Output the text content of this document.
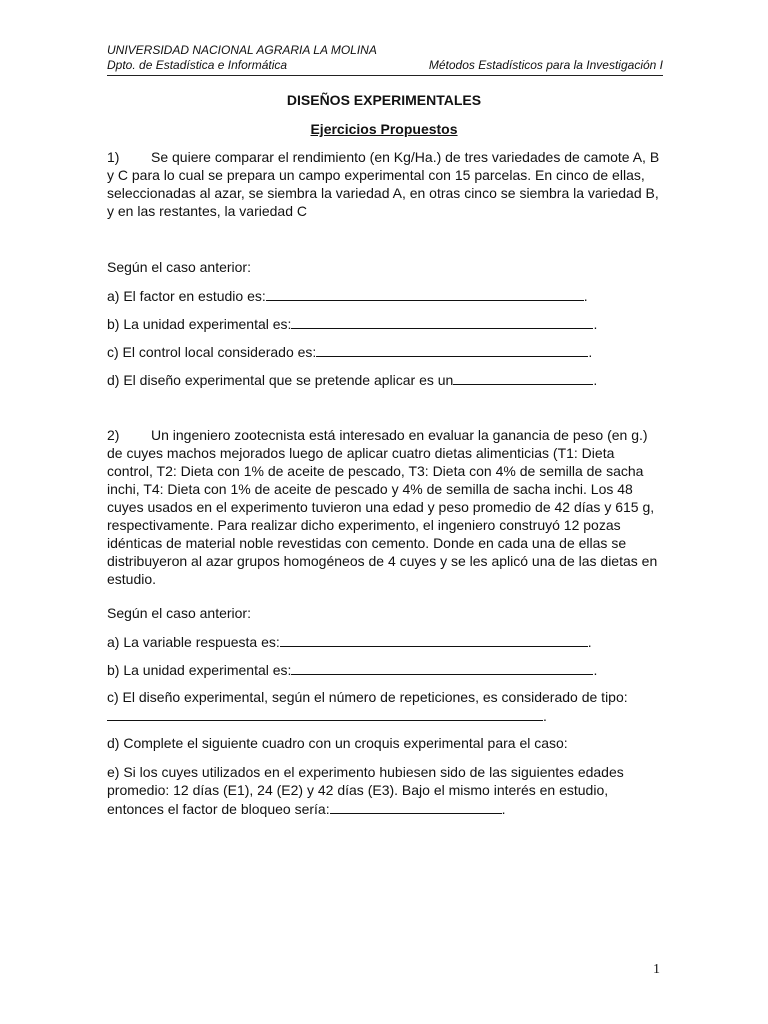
UNIVERSIDAD NACIONAL AGRARIA LA MOLINA
Dpto. de Estadística e Informática	Métodos Estadísticos para la Investigación I
DISEÑOS EXPERIMENTALES
Ejercicios Propuestos
1) Se quiere comparar el rendimiento (en Kg/Ha.) de tres variedades de camote A, B y C para lo cual se prepara un campo experimental con 15 parcelas. En cinco de ellas, seleccionadas al azar, se siembra la variedad A, en otras cinco se siembra la variedad B, y en las restantes, la variedad C
Según el caso anterior:
a) El factor en estudio es:	.
b) La unidad experimental es:	.
c) El control local considerado es:	.
d) El diseño experimental que se pretende aplicar es un	.
2) Un ingeniero zootecnista está interesado en evaluar la ganancia de peso (en g.) de cuyes machos mejorados luego de aplicar cuatro dietas alimenticias (T1: Dieta control, T2: Dieta con 1% de aceite de pescado, T3: Dieta con 4% de semilla de sacha inchi, T4: Dieta con 1% de aceite de pescado y 4% de semilla de sacha inchi. Los 48 cuyes usados en el experimento tuvieron una edad y peso promedio de 42 días y 615 g, respectivamente. Para realizar dicho experimento, el ingeniero construyó 12 pozas idénticas de material noble revestidas con cemento. Donde en cada una de ellas se distribuyeron al azar grupos homogéneos de 4 cuyes y se les aplicó una de las dietas en estudio.
Según el caso anterior:
a) La variable respuesta es:	.
b) La unidad experimental es:	.
c) El diseño experimental, según el número de repeticiones, es considerado de tipo:
.
d) Complete el siguiente cuadro con un croquis experimental para el caso:
e) Si los cuyes utilizados en el experimento hubiesen sido de las siguientes edades promedio: 12 días (E1), 24 (E2) y 42 días (E3). Bajo el mismo interés en estudio, entonces el factor de bloqueo sería:	.
1
